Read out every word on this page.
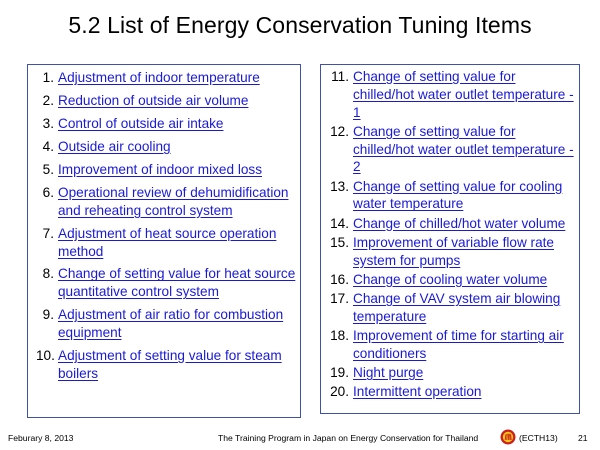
5.2 List of Energy Conservation Tuning Items
1. Adjustment of indoor temperature
2. Reduction of outside air volume
3. Control of outside air intake
4. Outside air cooling
5. Improvement of indoor mixed loss
6. Operational review of dehumidification and reheating control system
7. Adjustment of heat source operation method
8. Change of setting value for heat source quantitative control system
9. Adjustment of air ratio for combustion equipment
10. Adjustment of setting value for steam boilers
11. Change of setting value for chilled/hot water outlet temperature - 1
12. Change of setting value for chilled/hot water outlet temperature - 2
13. Change of setting value for cooling water temperature
14. Change of chilled/hot water volume
15. Improvement of variable flow rate system for pumps
16. Change of cooling water volume
17. Change of VAV system air blowing temperature
18. Improvement of time for starting air conditioners
19. Night purge
20. Intermittent operation
Feburary 8, 2013	The Training Program in Japan on Energy Conservation for Thailand	(ECTH13) 21
